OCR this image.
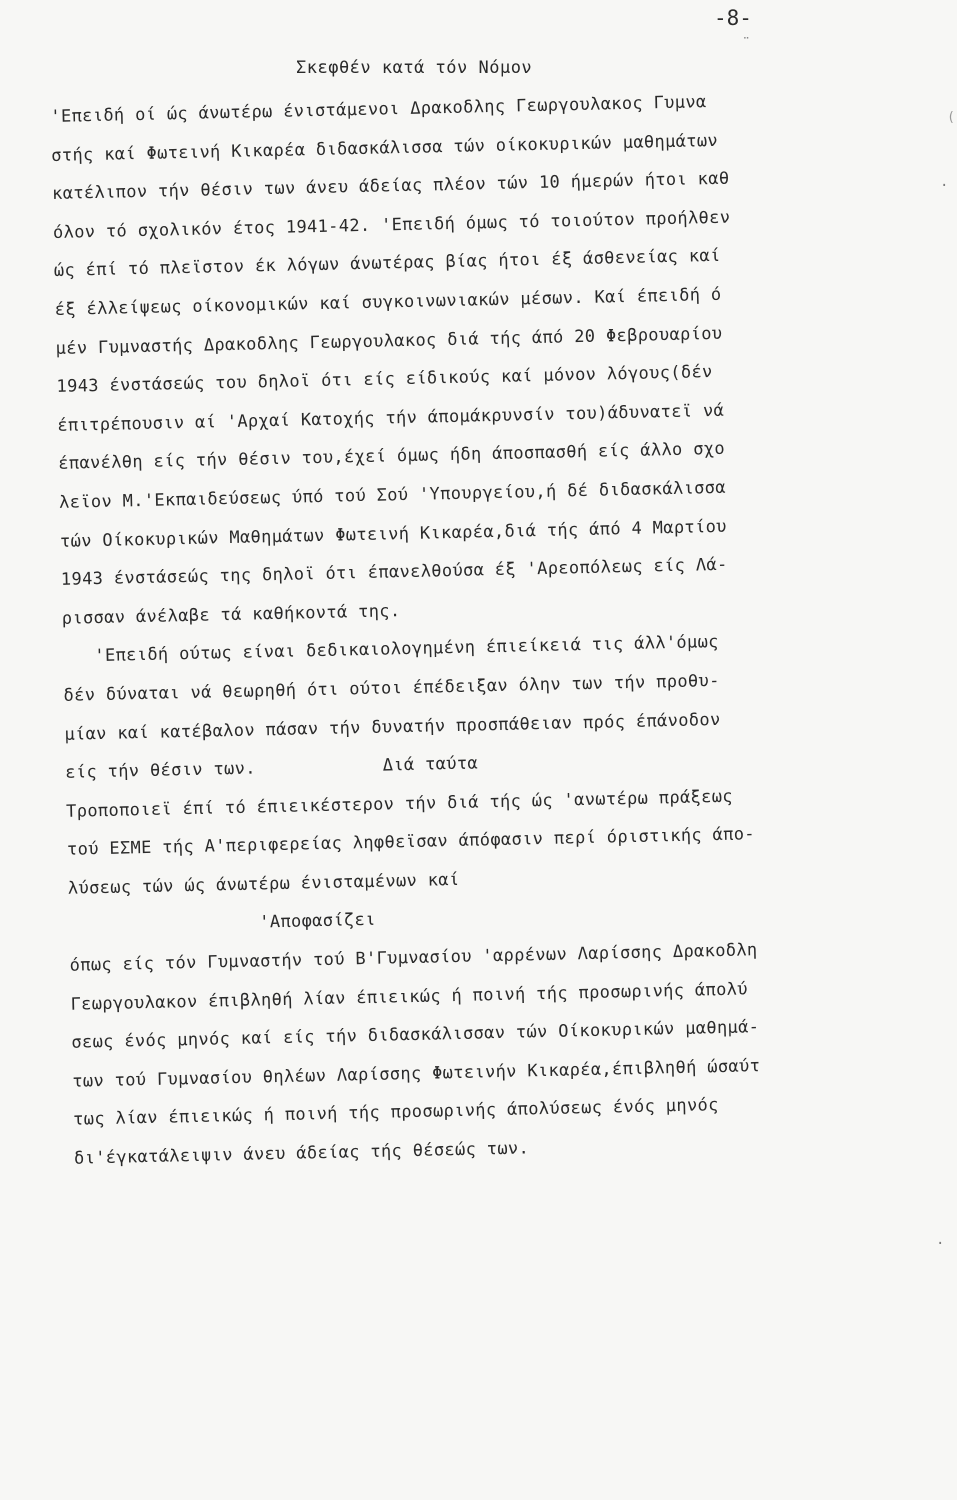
-8-
Σκεφθέν κατά τόν Νόμον
'Επειδή οί ώς άνωτέρω ένιστάμενοι Δρακοδλης Γεωργουλακος Γυμνα
στής καί Φωτεινή Κικαρέα διδασκάλισσα τών οίκοκυρικών μαθημάτων
κατέλιπον τήν θέσιν των άνευ άδείας πλέον τών 10 ήμερών ήτοι καθ
όλον τό σχολικόν έτος 1941-42. 'Επειδή όμως τό τοιούτον προήλθεν
ώς έπί τό πλεϊστον έκ λόγων άνωτέρας βίας ήτοι έξ άσθενείας καί
έξ έλλείψεως οίκονομικών καί συγκοινωνιακών μέσων. Καί έπειδή ό
μέν Γυμναστής Δρακοδλης Γεωργουλακος διά τής άπό 20 Φεβρουαρίου
1943 ένστάσεώς του δηλοϊ ότι είς είδικούς καί μόνον λόγους(δέν
έπιτρέπουσιν αί 'Αρχαί Κατοχής τήν άπομάκρυνσίν του)άδυνατεϊ νά
έπανέλθη είς τήν θέσιν του,έχεί όμως ήδη άποσπασθή είς άλλο σχο
λεϊον Μ.'Εκπαιδεύσεως ύπό τού Σού 'Υπουργείου,ή δέ διδασκάλισσα
τών Οίκοκυρικών Μαθημάτων Φωτεινή Κικαρέα,διά τής άπό 4 Μαρτίου
1943 ένστάσεώς της δηλοϊ ότι έπανελθούσα έξ 'Αρεοπόλεως είς Λά-
ρισσαν άνέλαβε τά καθήκοντά της.
'Επειδή ούτως είναι δεδικαιολογημένη έπιείκειά τις άλλ'όμως
δέν δύναται νά θεωρηθή ότι ούτοι έπέδειξαν όλην των τήν προθυ-
μίαν καί κατέβαλον πάσαν τήν δυνατήν προσπάθειαν πρός έπάνοδον
είς τήν θέσιν των.            Διά ταύτα
Τροποποιεϊ έπί τό έπιεικέστερον τήν διά τής ώς 'ανωτέρω πράξεως
τού ΕΣΜΕ τής Α'περιφερείας ληφθεϊσαν άπόφασιν περί όριστικής άπο-
λύσεως τών ώς άνωτέρω ένισταμένων καί
'Αποφασίζει
όπως είς τόν Γυμναστήν τού Β'Γυμνασίου 'αρρένων Λαρίσσης Δρακοδλη
Γεωργουλακον έπιβληθή λίαν έπιεικώς ή ποινή τής προσωρινής άπολύ
σεως ένός μηνός καί είς τήν διδασκάλισσαν τών Οίκοκυρικών μαθημά-
των τού Γυμνασίου θηλέων Λαρίσσης Φωτεινήν Κικαρέα,έπιβληθή ώσαύτ
τως λίαν έπιεικώς ή ποινή τής προσωρινής άπολύσεως ένός μηνός
δι'έγκατάλειψιν άνευ άδείας τής θέσεώς των.
¨
·
·
(
